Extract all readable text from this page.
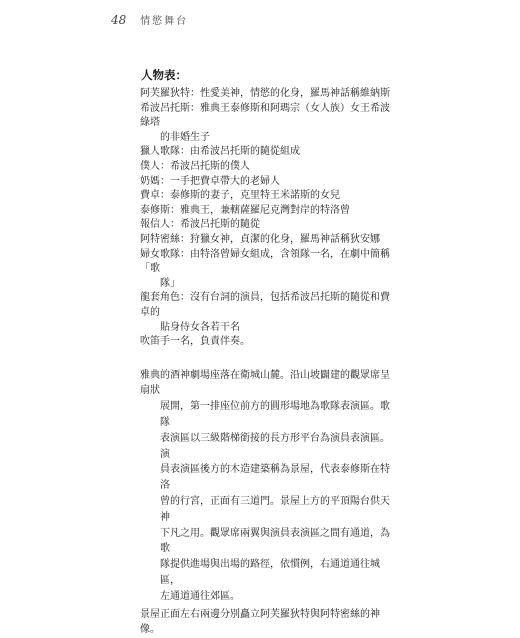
48 情慾舞台
人物表：

阿芙羅狄特：性愛美神，情慾的化身，羅馬神話稱維納斯

希波呂托斯：雅典王泰修斯和阿瑪宗（女人族）女王希波綠塔
的非婚生子

獵人歌隊：由希波呂托斯的隨從組成

僕人：希波呂托斯的僕人

奶媽：一手把費卓帶大的老婦人

費卓：泰修斯的妻子，克里特王米諾斯的女兒

泰修斯：雅典王，兼轄薩羅尼克灣對岸的特洛曾

報信人：希波呂托斯的隨從

阿特密絲：狩獵女神，貞潔的化身，羅馬神話稱狄安娜

婦女歌隊：由特洛曾婦女組成，含領隊一名，在劇中簡稱「歌
隊」

龍套角色：沒有台詞的演員，包括希波呂托斯的隨從和費卓的
貼身侍女各若干名

吹笛手一名，負責伴奏。

雅典的酒神劇場座落在衛城山麓。沿山坡闢建的觀眾席呈扇狀
展開，第一排座位前方的圓形場地為歌隊表演區。歌隊
表演區以三級階梯銜接的長方形平台為演員表演區。演
員表演區後方的木造建築稱為景屋，代表泰修斯在特洛
曾的行宮，正面有三道門。景屋上方的平頂陽台供天神
下凡之用。觀眾席兩翼與演員表演區之間有通道，為歌
隊提供進場與出場的路徑，依慣例，右通道通往城區，
左通道通往郊區。
景屋正面左右兩邊分別矗立阿芙羅狄特與阿特密絲的神像。
